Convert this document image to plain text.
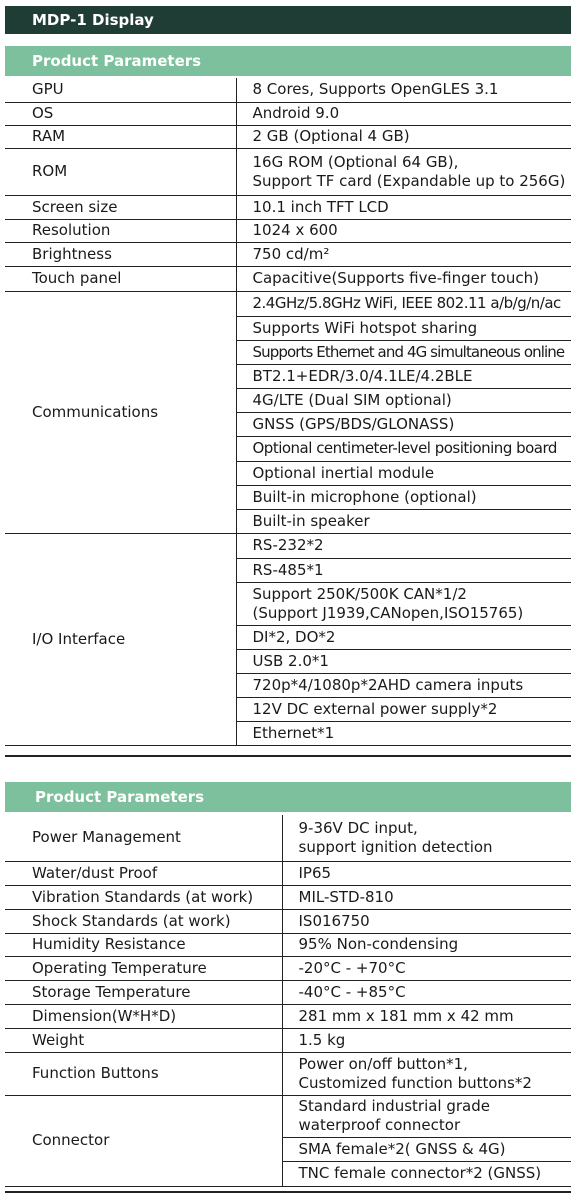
MDP-1 Display
Product Parameters
GPU	8 Cores, Supports OpenGLES 3.1
OS	Android 9.0
RAM	2 GB (Optional 4 GB)
ROM	16G ROM (Optional 64 GB),
Support TF card (Expandable up to 256G)
Screen size	10.1 inch TFT LCD
Resolution	1024 x 600
Brightness	750 cd/m²
Touch panel	Capacitive(Supports five-finger touch)
Communications	2.4GHz/5.8GHz WiFi, IEEE 802.11 a/b/g/n/ac
	Supports WiFi hotspot sharing
	Supports Ethernet and 4G simultaneous online
	BT2.1+EDR/3.0/4.1LE/4.2BLE
	4G/LTE (Dual SIM optional)
	GNSS (GPS/BDS/GLONASS)
	Optional centimeter-level positioning board
	Optional inertial module
	Built-in microphone (optional)
	Built-in speaker
I/O Interface	RS-232*2
	RS-485*1
	Support 250K/500K CAN*1/2
(Support J1939,CANopen,ISO15765)
	DI*2, DO*2
	USB 2.0*1
	720p*4/1080p*2AHD camera inputs
	12V DC external power supply*2
	Ethernet*1
Product Parameters
Power Management	9-36V DC input,
support ignition detection
Water/dust Proof	IP65
Vibration Standards (at work)	MIL-STD-810
Shock Standards (at work)	IS016750
Humidity Resistance	95% Non-condensing
Operating Temperature	-20°C - +70°C
Storage Temperature	-40°C - +85°C
Dimension(W*H*D)	281 mm x 181 mm x 42 mm
Weight	1.5 kg
Function Buttons	Power on/off button*1,
Customized function buttons*2
Connector	Standard industrial grade
waterproof connector
	SMA female*2( GNSS & 4G)
	TNC female connector*2 (GNSS)
